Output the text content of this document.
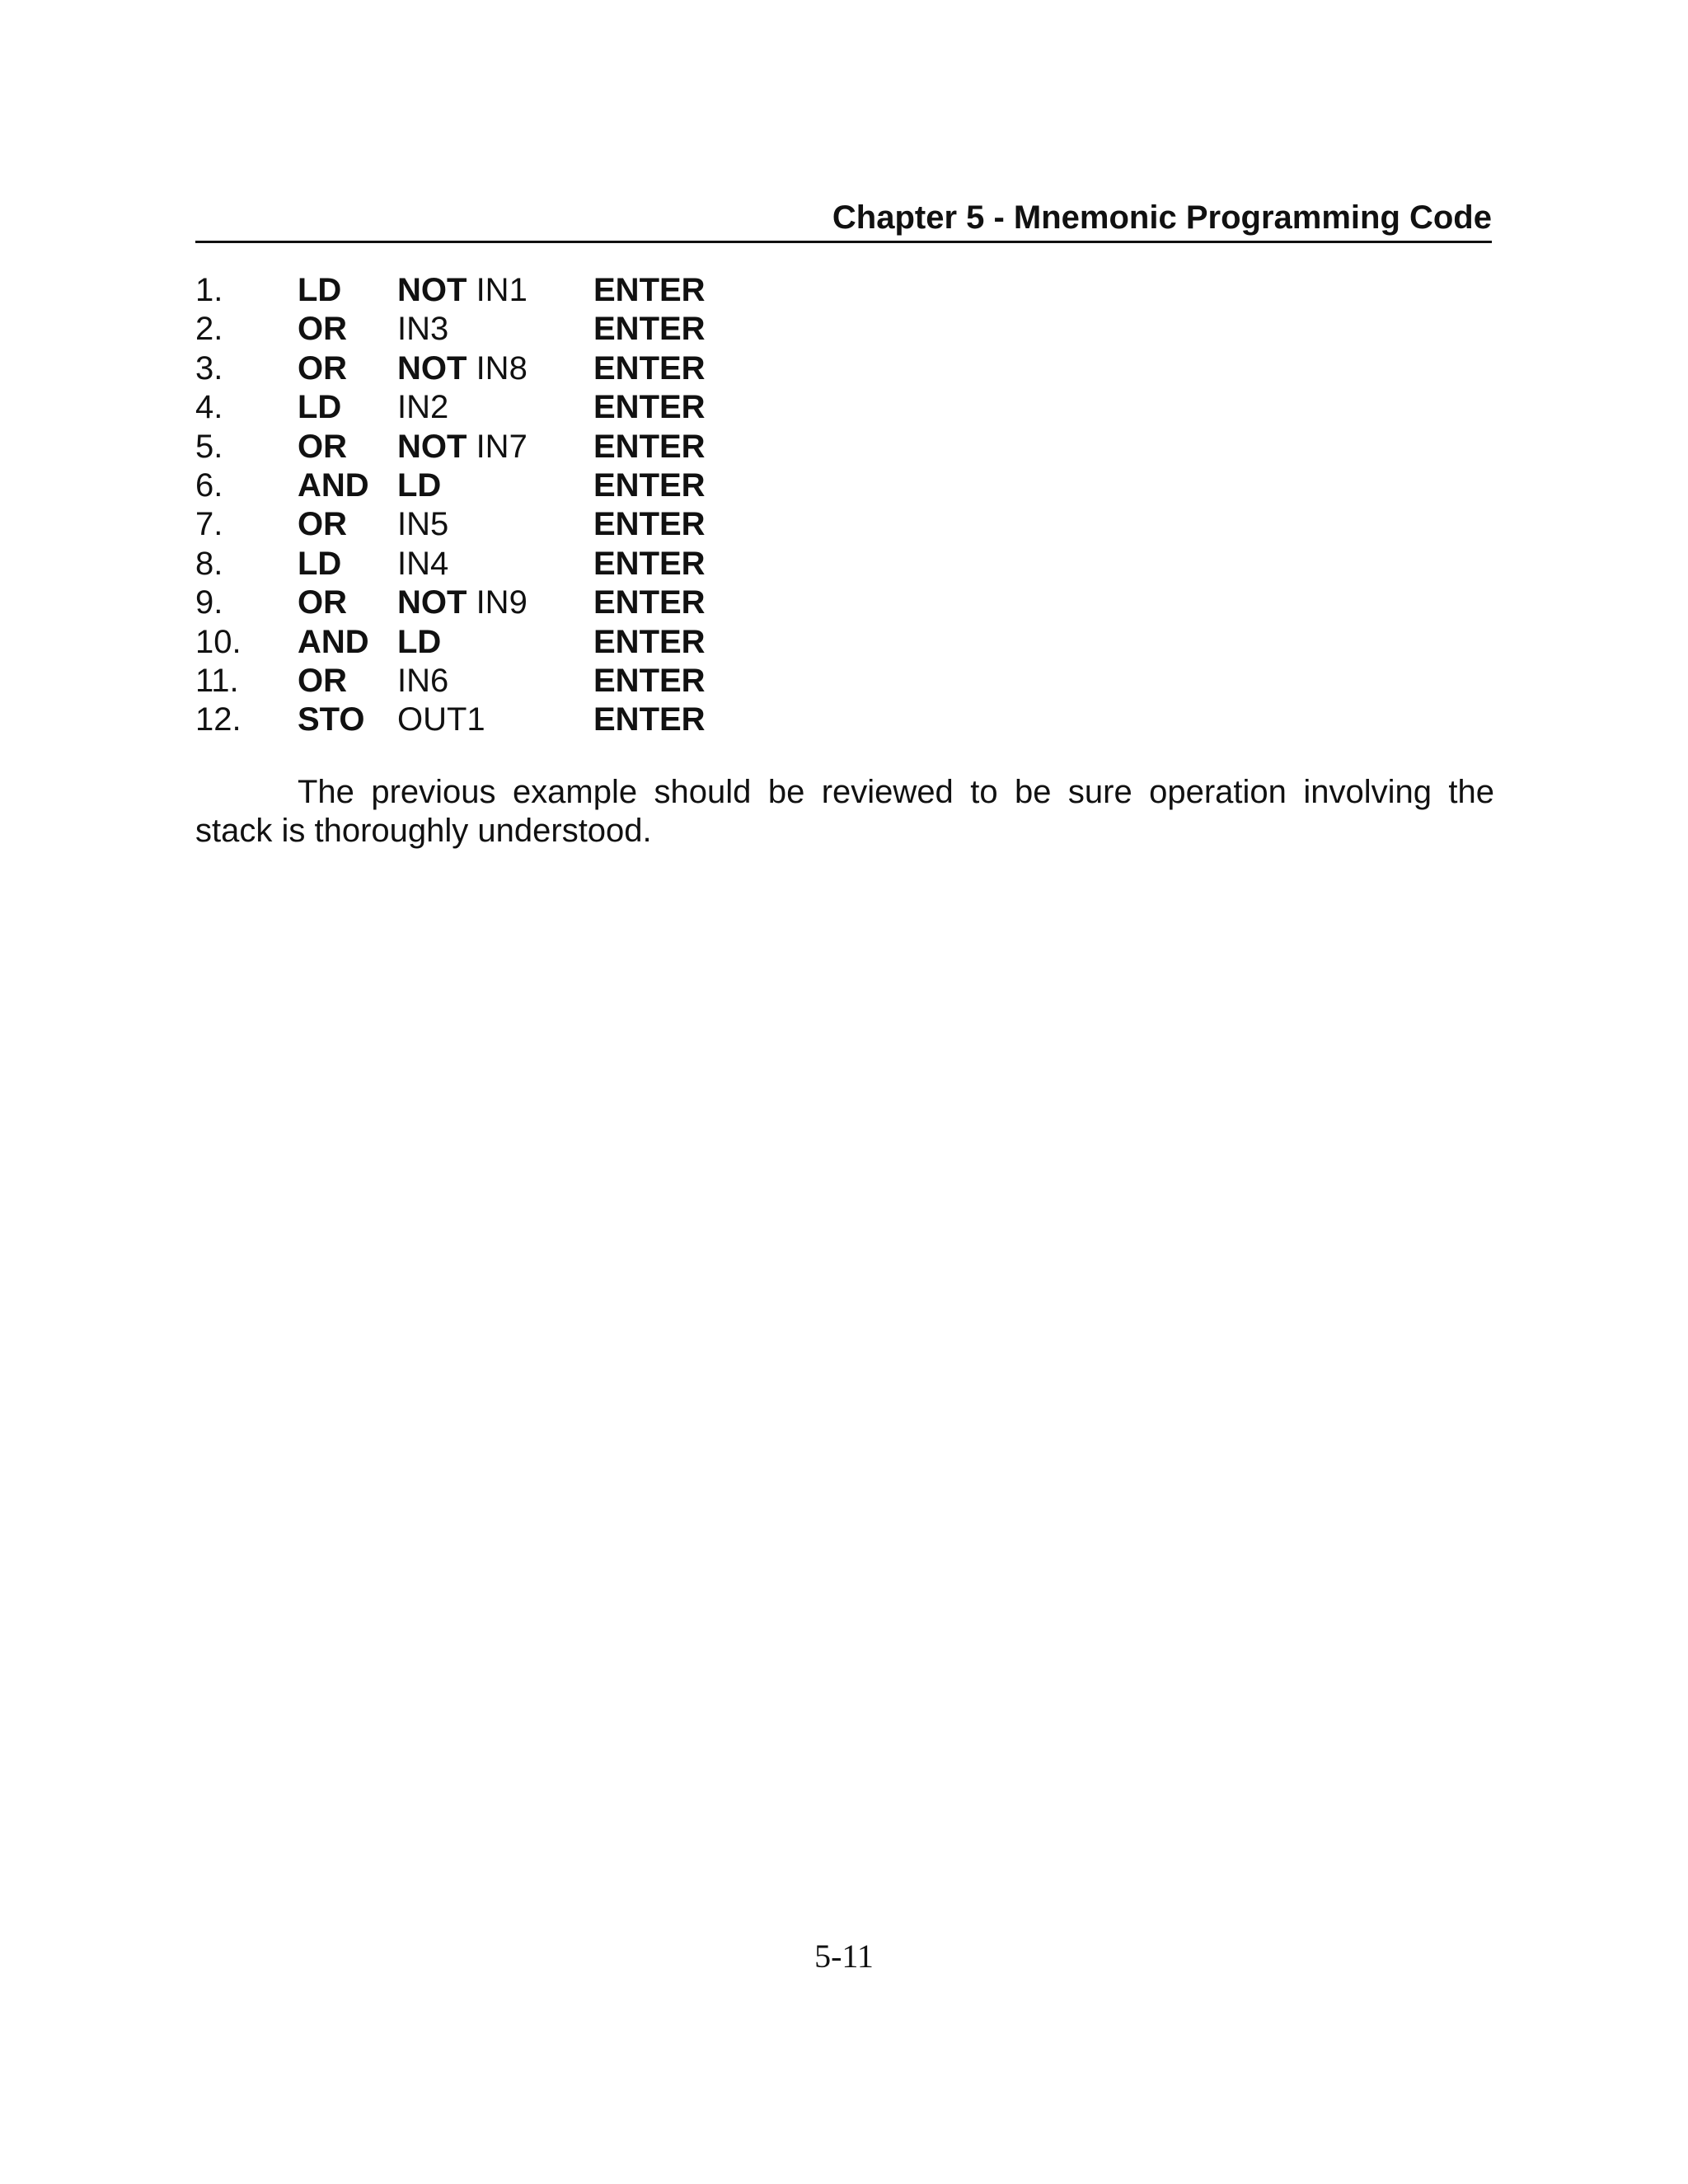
Chapter 5 - Mnemonic Programming Code
1. LD NOT IN1 ENTER
2. OR IN3	ENTER
3. OR NOT IN8 ENTER
4. LD IN2	ENTER
5. OR NOT IN7 ENTER
6. AND LD	ENTER
7. OR IN5	ENTER
8. LD IN4	ENTER
9. OR NOT IN9 ENTER
10. AND LD	ENTER
11. OR IN6	ENTER
12. STO OUT1	ENTER

The previous example should be reviewed to be sure operation involving the stack is thoroughly understood.

5-11
